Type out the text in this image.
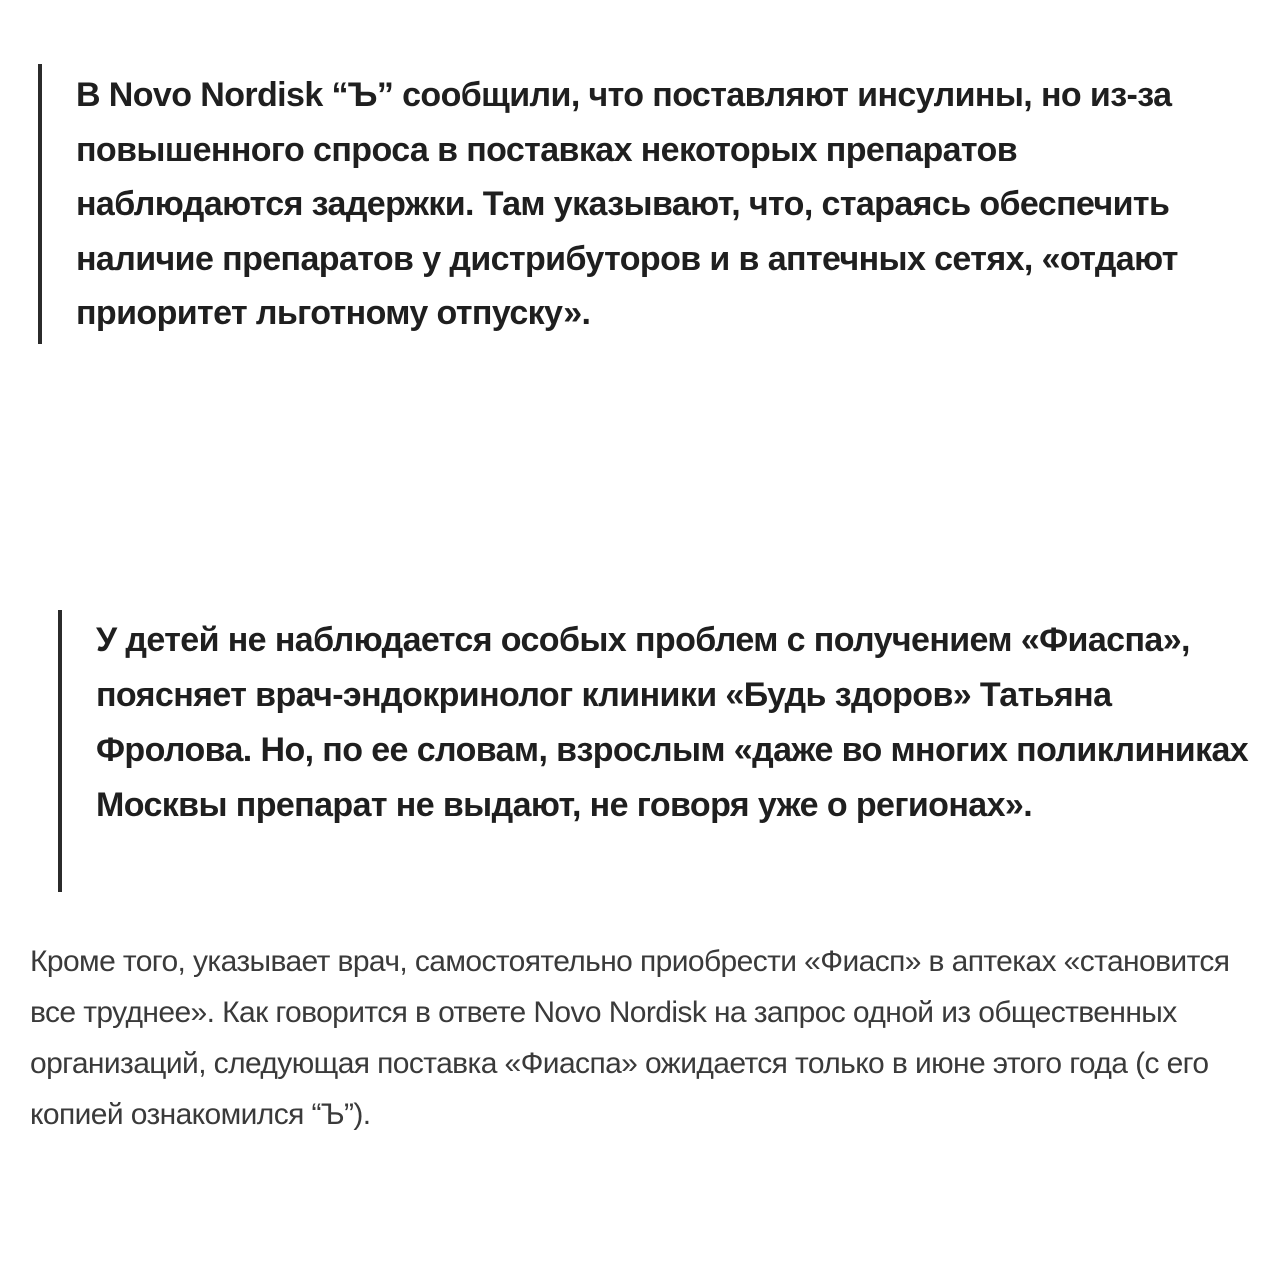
В Novo Nordisk “Ъ” сообщили, что поставляют инсулины, но из-за повышенного спроса в поставках некоторых препаратов наблюдаются задержки. Там указывают, что, стараясь обеспечить наличие препаратов у дистрибуторов и в аптечных сетях, «отдают приоритет льготному отпуску».

У детей не наблюдается особых проблем с получением «Фиаспа», поясняет врач-эндокринолог клиники «Будь здоров» Татьяна Фролова. Но, по ее словам, взрослым «даже во многих поликлиниках Москвы препарат не выдают, не говоря уже о регионах».

Кроме того, указывает врач, самостоятельно приобрести «Фиасп» в аптеках «становится все труднее». Как говорится в ответе Novo Nordisk на запрос одной из общественных организаций, следующая поставка «Фиаспа» ожидается только в июне этого года (с его копией ознакомился “Ъ”).
